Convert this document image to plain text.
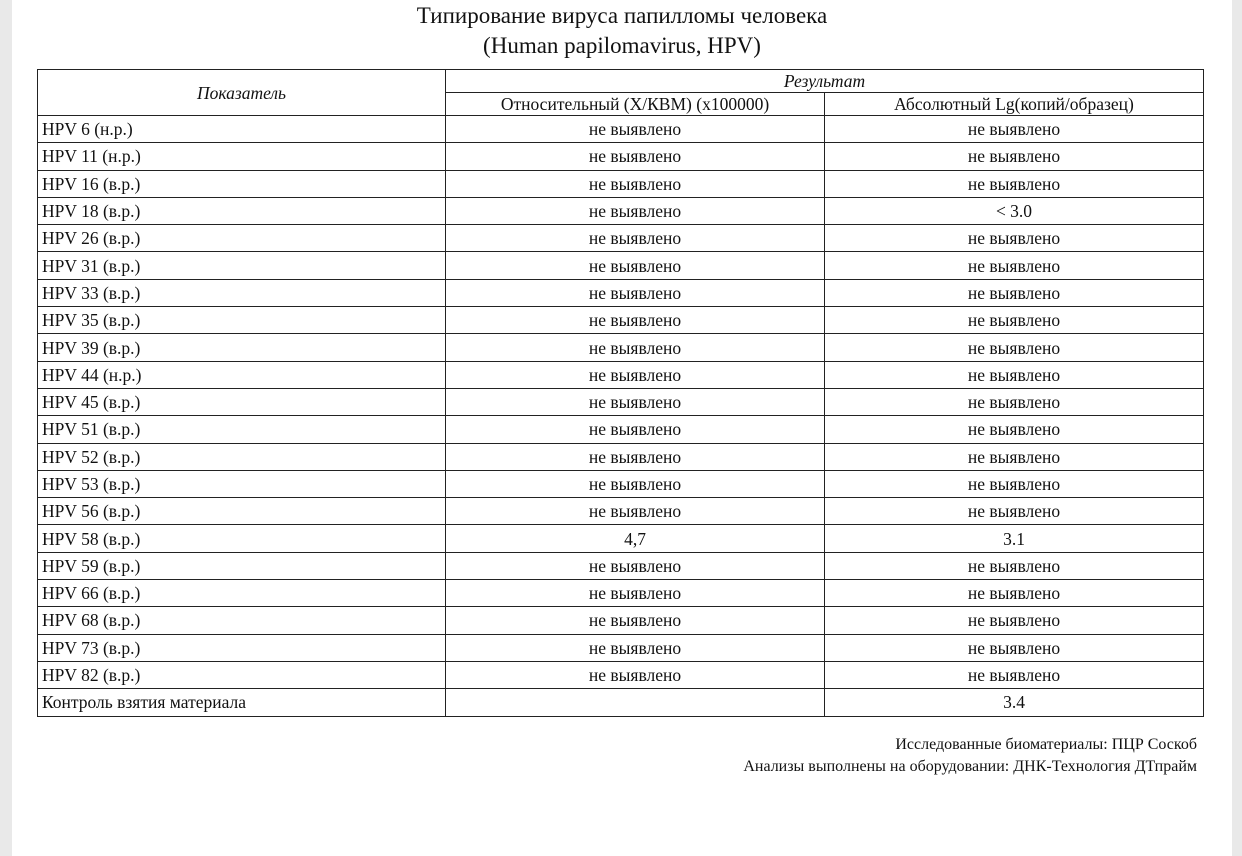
Типирование вируса папилломы человека
(Human papilomavirus, HPV)
Показатель	Результат	
	Относительный (X/КВМ) (x100000)	Абсолютный Lg(копий/образец)
HPV 6 (н.р.)	не выявлено	не выявлено
HPV 11 (н.р.)	не выявлено	не выявлено
HPV 16 (в.р.)	не выявлено	не выявлено
HPV 18 (в.р.)	не выявлено	< 3.0
HPV 26 (в.р.)	не выявлено	не выявлено
HPV 31 (в.р.)	не выявлено	не выявлено
HPV 33 (в.р.)	не выявлено	не выявлено
HPV 35 (в.р.)	не выявлено	не выявлено
HPV 39 (в.р.)	не выявлено	не выявлено
HPV 44 (н.р.)	не выявлено	не выявлено
HPV 45 (в.р.)	не выявлено	не выявлено
HPV 51 (в.р.)	не выявлено	не выявлено
HPV 52 (в.р.)	не выявлено	не выявлено
HPV 53 (в.р.)	не выявлено	не выявлено
HPV 56 (в.р.)	не выявлено	не выявлено
HPV 58 (в.р.)	4,7	3.1
HPV 59 (в.р.)	не выявлено	не выявлено
HPV 66 (в.р.)	не выявлено	не выявлено
HPV 68 (в.р.)	не выявлено	не выявлено
HPV 73 (в.р.)	не выявлено	не выявлено
HPV 82 (в.р.)	не выявлено	не выявлено
Контроль взятия материала		3.4
Исследованные биоматериалы: ПЦР Соскоб
Анализы выполнены на оборудовании: ДНК-Технология ДТпрайм
